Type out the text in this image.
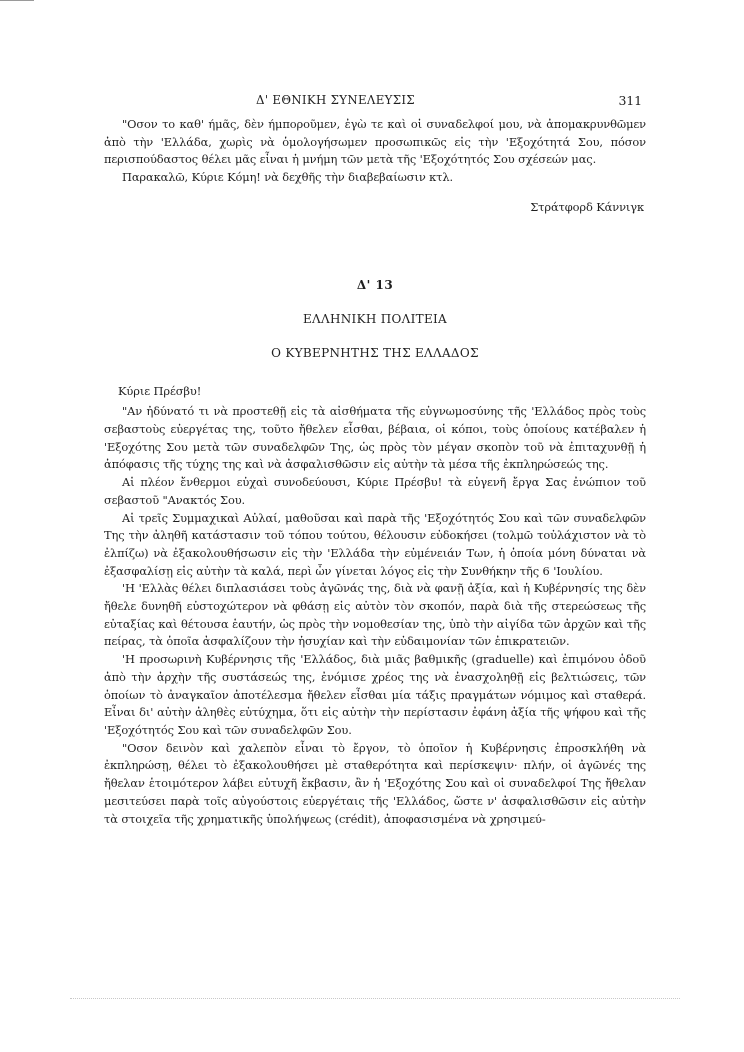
Δ' ΕΘΝΙΚΗ ΣΥΝΕΛΕΥΣΙΣ	311

"Οσον το καθ' ήμᾶς, δὲν ήμποροῦμεν, ἐγὼ τε καὶ οἱ συναδελφοί μου, νὰ ἀπομακρυνθῶμεν ἀπὸ τὴν 'Ελλάδα, χωρὶς νὰ ὁμολογήσωμεν προσωπικῶς εἰς τὴν 'Εξοχότητά Σου, πόσον περισπούδαστος θέλει μᾶς εἶναι ἡ μνήμη τῶν μετὰ τῆς 'Εξοχότητός Σου σχέσεών μας.

Παρακαλῶ, Κύριε Κόμη! νὰ δεχθῆς τὴν διαβεβαίωσιν κτλ.

Στράτφορδ Κάννιγκ
Δ' 13
ΕΛΛΗΝΙΚΗ ΠΟΛΙΤΕΙΑ
Ο ΚΥΒΕΡΝΗΤΗΣ ΤΗΣ ΕΛΛΑΔΟΣ

Κύριε Πρέσβυ!

"Αν ἠδύνατό τι νὰ προστεθῇ εἰς τὰ αἰσθήματα τῆς εὐγνωμοσύνης τῆς 'Ελλάδος πρὸς τοὺς σεβαστοὺς εὐεργέτας της, τοῦτο ἤθελεν εἶσθαι, βέβαια, οἱ κόποι, τοὺς ὁποίους κατέβαλεν ἡ 'Εξοχότης Σου μετὰ τῶν συναδελφῶν Της, ὡς πρὸς τὸν μέγαν σκοπὸν τοῦ νὰ ἐπιταχυνθῇ ἡ ἀπόφασις τῆς τύχης της καὶ νὰ ἀσφαλισθῶσιν εἰς αὐτὴν τὰ μέσα τῆς ἐκπληρώσεώς της.

Αἱ πλέον ἔνθερμοι εὐχαὶ συνοδεύουσι, Κύριε Πρέσβυ! τὰ εὐγενῆ ἔργα Σας ἐνώπιον τοῦ σεβαστοῦ "Ανακτός Σου.

Αἱ τρεῖς Συμμαχικαὶ Αὐλαί, μαθοῦσαι καὶ παρὰ τῆς 'Εξοχότητός Σου καὶ τῶν συναδελφῶν Της τὴν ἀληθῆ κατάστασιν τοῦ τόπου τούτου, θέλουσιν εὐδοκήσει (τολμῶ τοὐλάχιστον νὰ τὸ ἐλπίζω) νὰ ἐξακολουθήσωσιν εἰς τὴν 'Ελλάδα τὴν εὐμένειάν Των, ἡ ὁποία μόνη δύναται νὰ ἐξασφαλίσῃ εἰς αὐτὴν τὰ καλά, περὶ ὧν γίνεται λόγος εἰς τὴν Συνθήκην τῆς 6 'Ιουλίου.

'Η 'Ελλὰς θέλει διπλασιάσει τοὺς ἀγῶνάς της, διὰ νὰ φανῇ ἀξία, καὶ ἡ Κυβέρνησίς της δὲν ἤθελε δυνηθῆ εὐστοχώτερον νὰ φθάσῃ εἰς αὐτὸν τὸν σκοπόν, παρὰ διὰ τῆς στερεώσεως τῆς εὐταξίας καὶ θέτουσα ἑαυτήν, ὡς πρὸς τὴν νομοθεσίαν της, ὑπὸ τὴν αἰγίδα τῶν ἀρχῶν καὶ τῆς πείρας, τὰ ὁποῖα ἀσφαλίζουν τὴν ἡσυχίαν καὶ τὴν εὐδαιμονίαν τῶν ἐπικρατειῶν.

'Η προσωρινὴ Κυβέρνησις τῆς 'Ελλάδος, διὰ μιᾶς βαθμικῆς (graduelle) καὶ ἐπιμόνου ὁδοῦ ἀπὸ τὴν ἀρχὴν τῆς συστάσεώς της, ἐνόμισε χρέος της νὰ ἐνασχοληθῇ εἰς βελτιώσεις, τῶν ὁποίων τὸ ἀναγκαῖον ἀποτέλεσμα ἤθελεν εἶσθαι μία τάξις πραγμάτων νόμιμος καὶ σταθερά. Εἶναι δι' αὐτὴν ἀληθὲς εὐτύχημα, ὅτι εἰς αὐτὴν τὴν περίστασιν ἐφάνη ἀξία τῆς ψήφου καὶ τῆς 'Εξοχότητός Σου καὶ τῶν συναδελφῶν Σου.

"Οσον δεινὸν καὶ χαλεπὸν εἶναι τὸ ἔργον, τὸ ὁποῖον ἡ Κυβέρνησις ἐπροσκλήθη νὰ ἐκπληρώσῃ, θέλει τὸ ἐξακολουθήσει μὲ σταθερότητα καὶ περίσκεψιν· πλήν, οἱ ἀγῶνές της ἤθελαν ἑτοιμότερον λάβει εὐτυχῆ ἔκβασιν, ἂν ἡ 'Εξοχότης Σου καὶ οἱ συναδελφοί Της ἤθελαν μεσιτεύσει παρὰ τοῖς αὐγούστοις εὐεργέταις τῆς 'Ελλάδος, ὥστε ν' ἀσφαλισθῶσιν εἰς αὐτὴν τὰ στοιχεῖα τῆς χρηματικῆς ὑπολήψεως (crédit), ἀποφασισμένα νὰ χρησιμεύ-
